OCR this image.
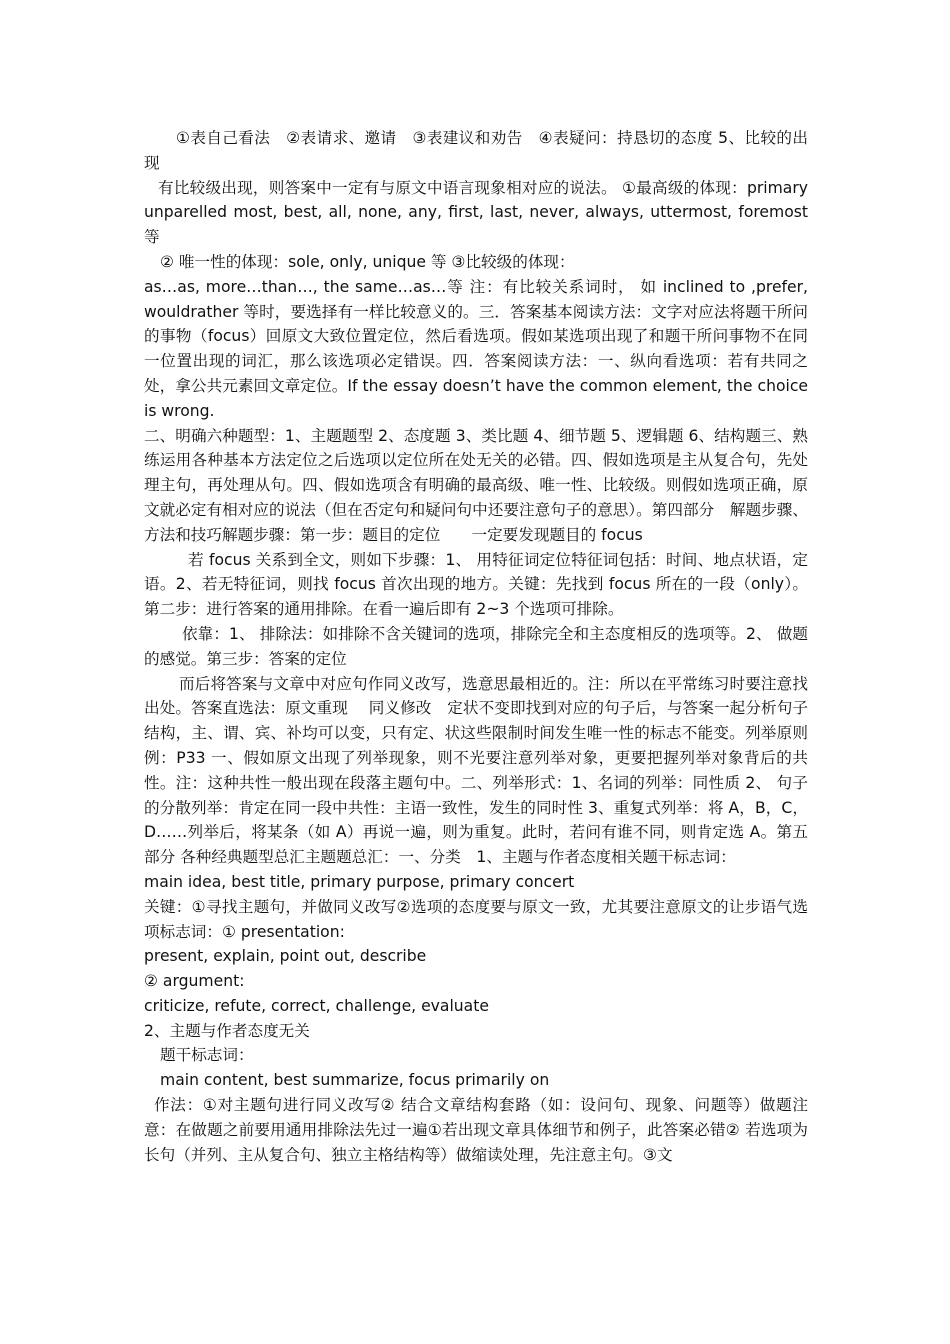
①表自己看法　②表请求、邀请　③表建议和劝告　④表疑问：持恳切的态度 5、比较的出现

有比较级出现，则答案中一定有与原文中语言现象相对应的说法。 ①最高级的体现：primary unparelled most, best, all, none, any, first, last, never, always, uttermost, foremost 等

② 唯一性的体现：sole, only, unique 等 ③比较级的体现：

as…as, more…than…, the same…as…等 注：有比较关系词时， 如 inclined to ,prefer, wouldrather 等时，要选择有一样比较意义的。三．答案基本阅读方法：文字对应法将题干所问的事物（focus）回原文大致位置定位，然后看选项。假如某选项出现了和题干所问事物不在同一位置出现的词汇，那么该选项必定错误。四．答案阅读方法：一、纵向看选项：若有共同之处，拿公共元素回文章定位。If the essay doesn’t have the common element, the choice is wrong.

二、明确六种题型：1、主题题型 2、态度题 3、类比题 4、细节题 5、逻辑题 6、结构题三、熟练运用各种基本方法定位之后选项以定位所在处无关的必错。四、假如选项是主从复合句，先处理主句，再处理从句。四、假如选项含有明确的最高级、唯一性、比较级。则假如选项正确，原文就必定有相对应的说法（但在否定句和疑问句中还要注意句子的意思）。第四部分　解题步骤、方法和技巧解题步骤：第一步：题目的定位　　一定要发现题目的 focus

若 focus 关系到全文，则如下步骤：1、 用特征词定位特征词包括：时间、地点状语，定语。2、若无特征词，则找 focus 首次出现的地方。关键：先找到 focus 所在的一段（only）。第二步：进行答案的通用排除。在看一遍后即有 2~3 个选项可排除。

依靠：1、 排除法：如排除不含关键词的选项，排除完全和主态度相反的选项等。2、 做题的感觉。第三步：答案的定位

而后将答案与文章中对应句作同义改写，选意思最相近的。注：所以在平常练习时要注意找出处。答案直选法：原文重现　 同义修改　定状不变即找到对应的句子后，与答案一起分析句子结构，主、谓、宾、补均可以变，只有定、状这些限制时间发生唯一性的标志不能变。列举原则　例：P33 一、假如原文出现了列举现象，则不光要注意列举对象，更要把握列举对象背后的共性。注：这种共性一般出现在段落主题句中。二、列举形式：1、名词的列举：同性质 2、 句子的分散列举：肯定在同一段中共性：主语一致性，发生的同时性 3、重复式列举：将 A，B，C，D……列举后，将某条（如 A）再说一遍，则为重复。此时，若问有谁不同，则肯定选 A。第五部分 各种经典题型总汇主题题总汇：一、分类　1、主题与作者态度相关题干标志词：

main idea, best title, primary purpose, primary concert

关键：①寻找主题句，并做同义改写②选项的态度要与原文一致，尤其要注意原文的让步语气选项标志词：① presentation:

present, explain, point out, describe

② argument:

criticize, refute, correct, challenge, evaluate

2、主题与作者态度无关

题干标志词：

main content, best summarize, focus primarily on

作法：①对主题句进行同义改写② 结合文章结构套路（如：设问句、现象、问题等）做题注意：在做题之前要用通用排除法先过一遍①若出现文章具体细节和例子，此答案必错② 若选项为长句（并列、主从复合句、独立主格结构等）做缩读处理，先注意主句。③文
